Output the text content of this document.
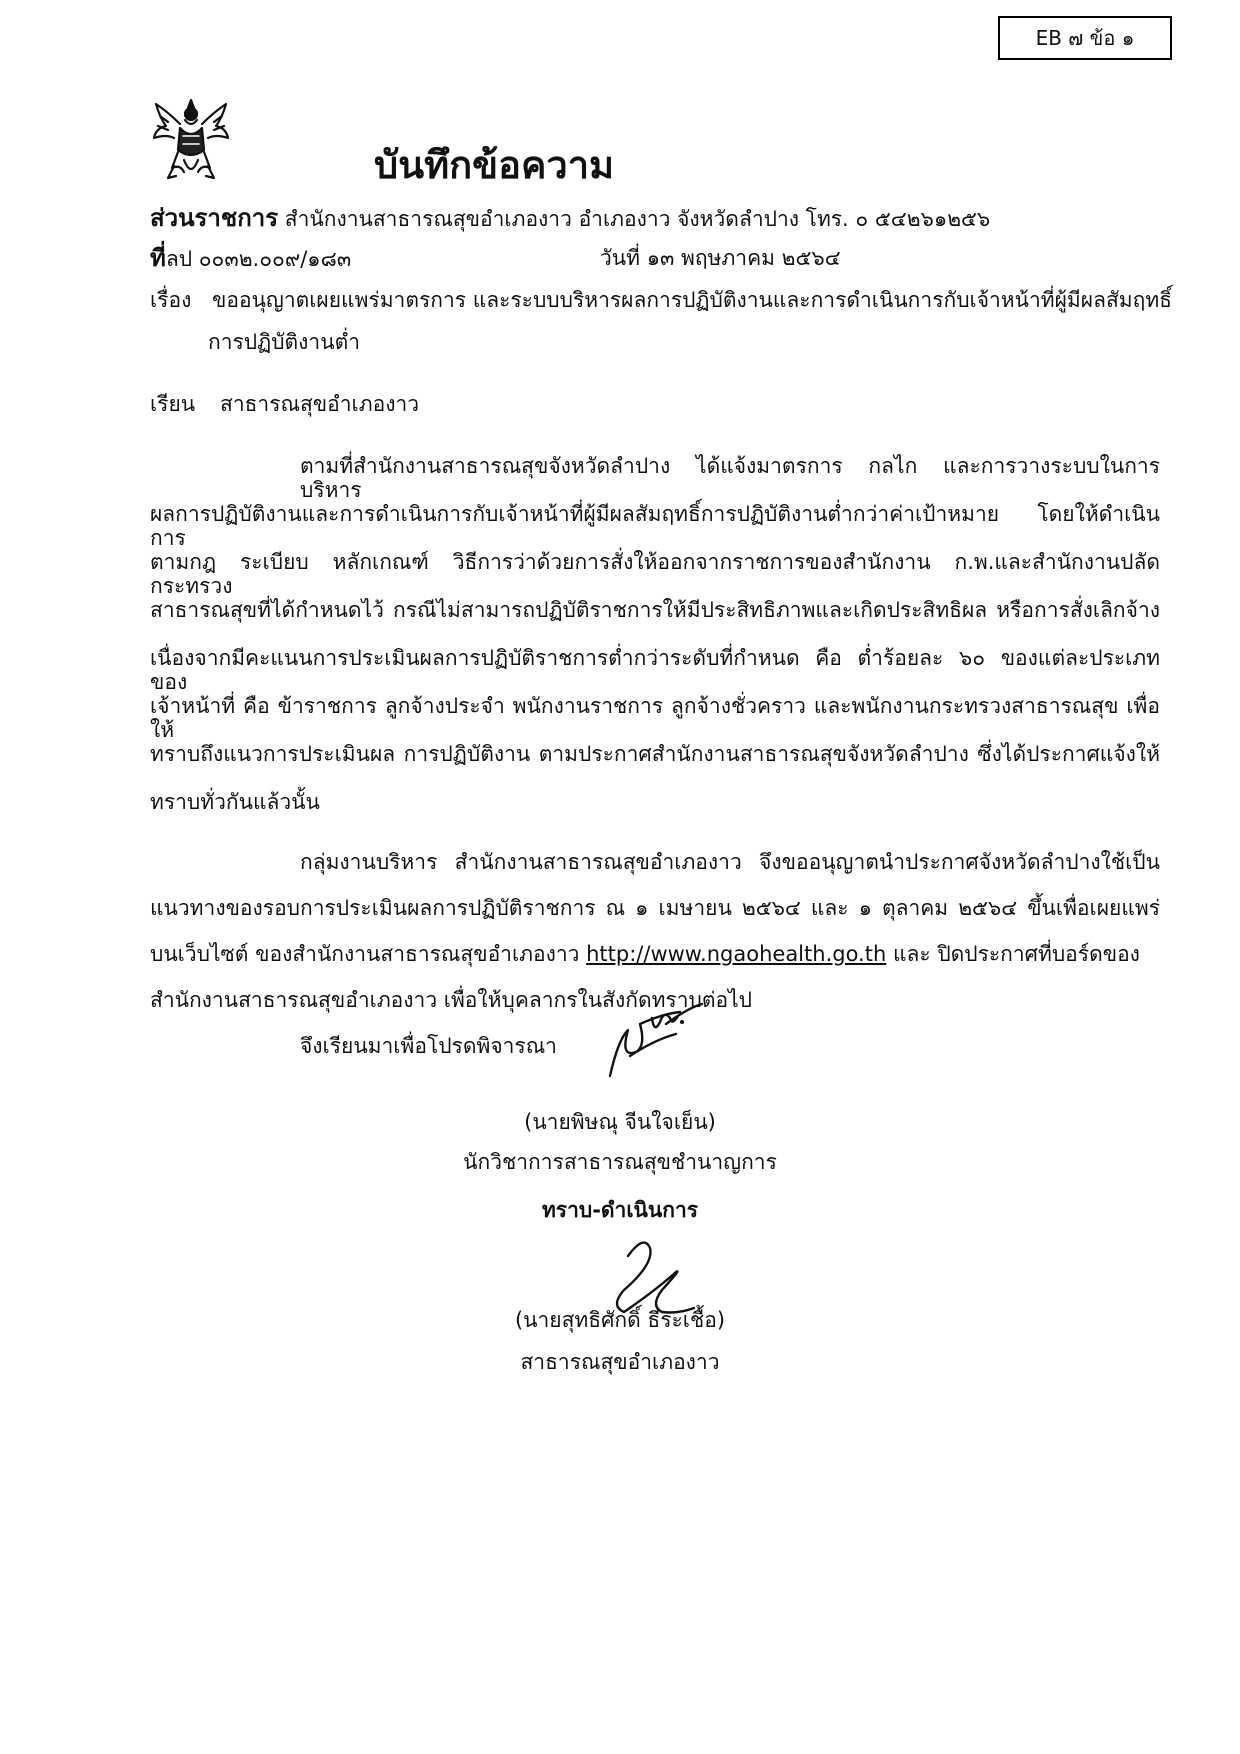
EB ๗ ข้อ ๑
บันทึกข้อความ
ส่วนราชการ สำนักงานสาธารณสุขอำเภองาว อำเภองาว จังหวัดลำปาง โทร. ๐ ๕๔๒๖๑๒๕๖
ที่ลป ๐๐๓๒.๐๐๙/๑๘๓	วันที่ ๑๓ พฤษภาคม ๒๕๖๔
เรื่อง ขออนุญาตเผยแพร่มาตรการ และระบบบริหารผลการปฏิบัติงานและการดำเนินการกับเจ้าหน้าที่ผู้มีผลสัมฤทธิ์
การปฏิบัติงานต่ำ
เรียน สาธารณสุขอำเภองาว
ตามที่สำนักงานสาธารณสุขจังหวัดลำปาง ได้แจ้งมาตรการ กลไก และการวางระบบในการบริหาร
ผลการปฏิบัติงานและการดำเนินการกับเจ้าหน้าที่ผู้มีผลสัมฤทธิ์การปฏิบัติงานต่ำกว่าค่าเป้าหมาย โดยให้ดำเนินการ
ตามกฎ ระเบียบ หลักเกณฑ์ วิธีการว่าด้วยการสั่งให้ออกจากราชการของสำนักงาน ก.พ.และสำนักงานปลัดกระทรวง
สาธารณสุขที่ได้กำหนดไว้ กรณีไม่สามารถปฏิบัติราชการให้มีประสิทธิภาพและเกิดประสิทธิผล หรือการสั่งเลิกจ้าง
เนื่องจากมีคะแนนการประเมินผลการปฏิบัติราชการต่ำกว่าระดับที่กำหนด คือ ต่ำร้อยละ ๖๐ ของแต่ละประเภทของ
เจ้าหน้าที่ คือ ข้าราชการ ลูกจ้างประจำ พนักงานราชการ ลูกจ้างชั่วคราว และพนักงานกระทรวงสาธารณสุข เพื่อให้
ทราบถึงแนวการประเมินผล การปฏิบัติงาน ตามประกาศสำนักงานสาธารณสุขจังหวัดลำปาง ซึ่งได้ประกาศแจ้งให้
ทราบทั่วกันแล้วนั้น
กลุ่มงานบริหาร สำนักงานสาธารณสุขอำเภองาว จึงขออนุญาตนำประกาศจังหวัดลำปางใช้เป็น
แนวทางของรอบการประเมินผลการปฏิบัติราชการ ณ ๑ เมษายน ๒๕๖๔ และ ๑ ตุลาคม ๒๕๖๔ ขึ้นเพื่อเผยแพร่
บนเว็บไซต์ ของสำนักงานสาธารณสุขอำเภองาว http://www.ngaohealth.go.th และ ปิดประกาศที่บอร์ดของ
สำนักงานสาธารณสุขอำเภองาว เพื่อให้บุคลากรในสังกัดทราบต่อไป
จึงเรียนมาเพื่อโปรดพิจารณา
(นายพิษณุ จีนใจเย็น)
นักวิชาการสาธารณสุขชำนาญการ
ทราบ-ดำเนินการ
(นายสุทธิศักดิ์ ธีระเชื้อ)
สาธารณสุขอำเภองาว
